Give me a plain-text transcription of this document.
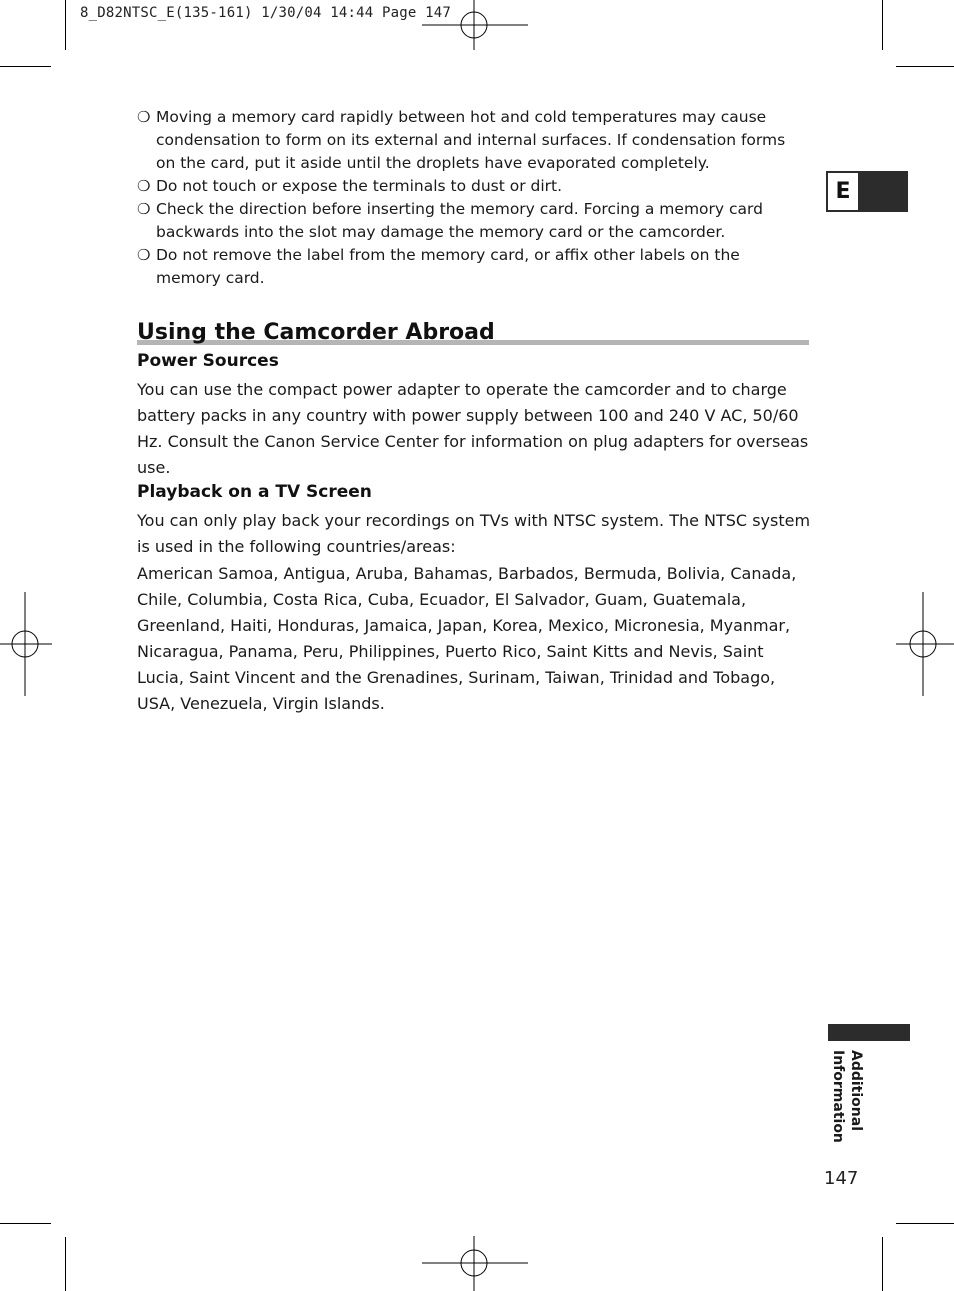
8_D82NTSC_E(135-161) 1/30/04 14:44 Page 147
❍ Moving a memory card rapidly between hot and cold temperatures may cause condensation to form on its external and internal surfaces. If condensation forms on the card, put it aside until the droplets have evaporated completely.
❍ Do not touch or expose the terminals to dust or dirt.
❍ Check the direction before inserting the memory card. Forcing a memory card backwards into the slot may damage the memory card or the camcorder.
❍ Do not remove the label from the memory card, or affix other labels on the memory card.
Using the Camcorder Abroad
Power Sources

You can use the compact power adapter to operate the camcorder and to charge battery packs in any country with power supply between 100 and 240 V AC, 50/60 Hz. Consult the Canon Service Center for information on plug adapters for overseas use.

Playback on a TV Screen

You can only play back your recordings on TVs with NTSC system. The NTSC system is used in the following countries/areas:

American Samoa, Antigua, Aruba, Bahamas, Barbados, Bermuda, Bolivia, Canada, Chile, Columbia, Costa Rica, Cuba, Ecuador, El Salvador, Guam, Guatemala, Greenland, Haiti, Honduras, Jamaica, Japan, Korea, Mexico, Micronesia, Myanmar, Nicaragua, Panama, Peru, Philippines, Puerto Rico, Saint Kitts and Nevis, Saint Lucia, Saint Vincent and the Grenadines, Surinam, Taiwan, Trinidad and Tobago, USA, Venezuela, Virgin Islands.

E
Additional
Information
147
